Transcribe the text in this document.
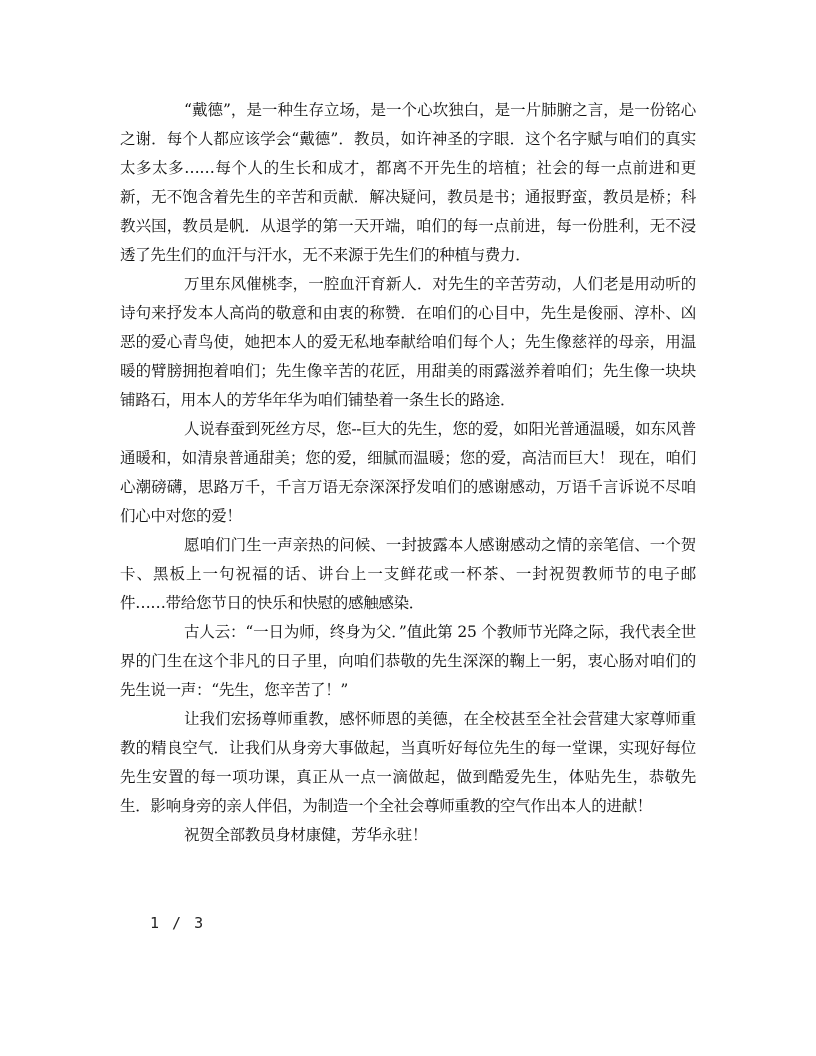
“戴德”，是一种生存立场，是一个心坎独白，是一片肺腑之言，是一份铭心之谢．每个人都应该学会“戴德”．教员，如许神圣的字眼．这个名字赋与咱们的真实太多太多……每个人的生长和成才，都离不开先生的培植；社会的每一点前进和更新，无不饱含着先生的辛苦和贡献．解决疑问，教员是书；通报野蛮，教员是桥；科教兴国，教员是帆．从退学的第一天开端，咱们的每一点前进，每一份胜利，无不浸透了先生们的血汗与汗水，无不来源于先生们的种植与费力．

万里东风催桃李，一腔血汗育新人．对先生的辛苦劳动，人们老是用动听的诗句来抒发本人高尚的敬意和由衷的称赞．在咱们的心目中，先生是俊丽、淳朴、凶恶的爱心青鸟使，她把本人的爱无私地奉献给咱们每个人；先生像慈祥的母亲，用温暖的臂膀拥抱着咱们；先生像辛苦的花匠，用甜美的雨露滋养着咱们；先生像一块块铺路石，用本人的芳华年华为咱们铺垫着一条生长的路途．

人说春蚕到死丝方尽，您--巨大的先生，您的爱，如阳光普通温暖，如东风普通暖和，如清泉普通甜美；您的爱，细腻而温暖；您的爱，高洁而巨大！ 现在，咱们心潮磅礴，思路万千，千言万语无奈深深抒发咱们的感谢感动，万语千言诉说不尽咱们心中对您的爱！

愿咱们门生一声亲热的问候、一封披露本人感谢感动之情的亲笔信、一个贺卡、黑板上一句祝福的话、讲台上一支鲜花或一杯茶、一封祝贺教师节的电子邮件……带给您节日的快乐和快慰的感触感染．

古人云：“一日为师，终身为父．”值此第 25 个教师节光降之际，我代表全世界的门生在这个非凡的日子里，向咱们恭敬的先生深深的鞠上一躬，衷心肠对咱们的先生说一声：“先生，您辛苦了！”

让我们宏扬尊师重教，感怀师恩的美德，在全校甚至全社会营建大家尊师重教的精良空气．让我们从身旁大事做起，当真听好每位先生的每一堂课，实现好每位先生安置的每一项功课，真正从一点一滴做起，做到酷爱先生，体贴先生，恭敬先生．影响身旁的亲人伴侣，为制造一个全社会尊师重教的空气作出本人的进献！

祝贺全部教员身材康健，芳华永驻！

1 / 3
